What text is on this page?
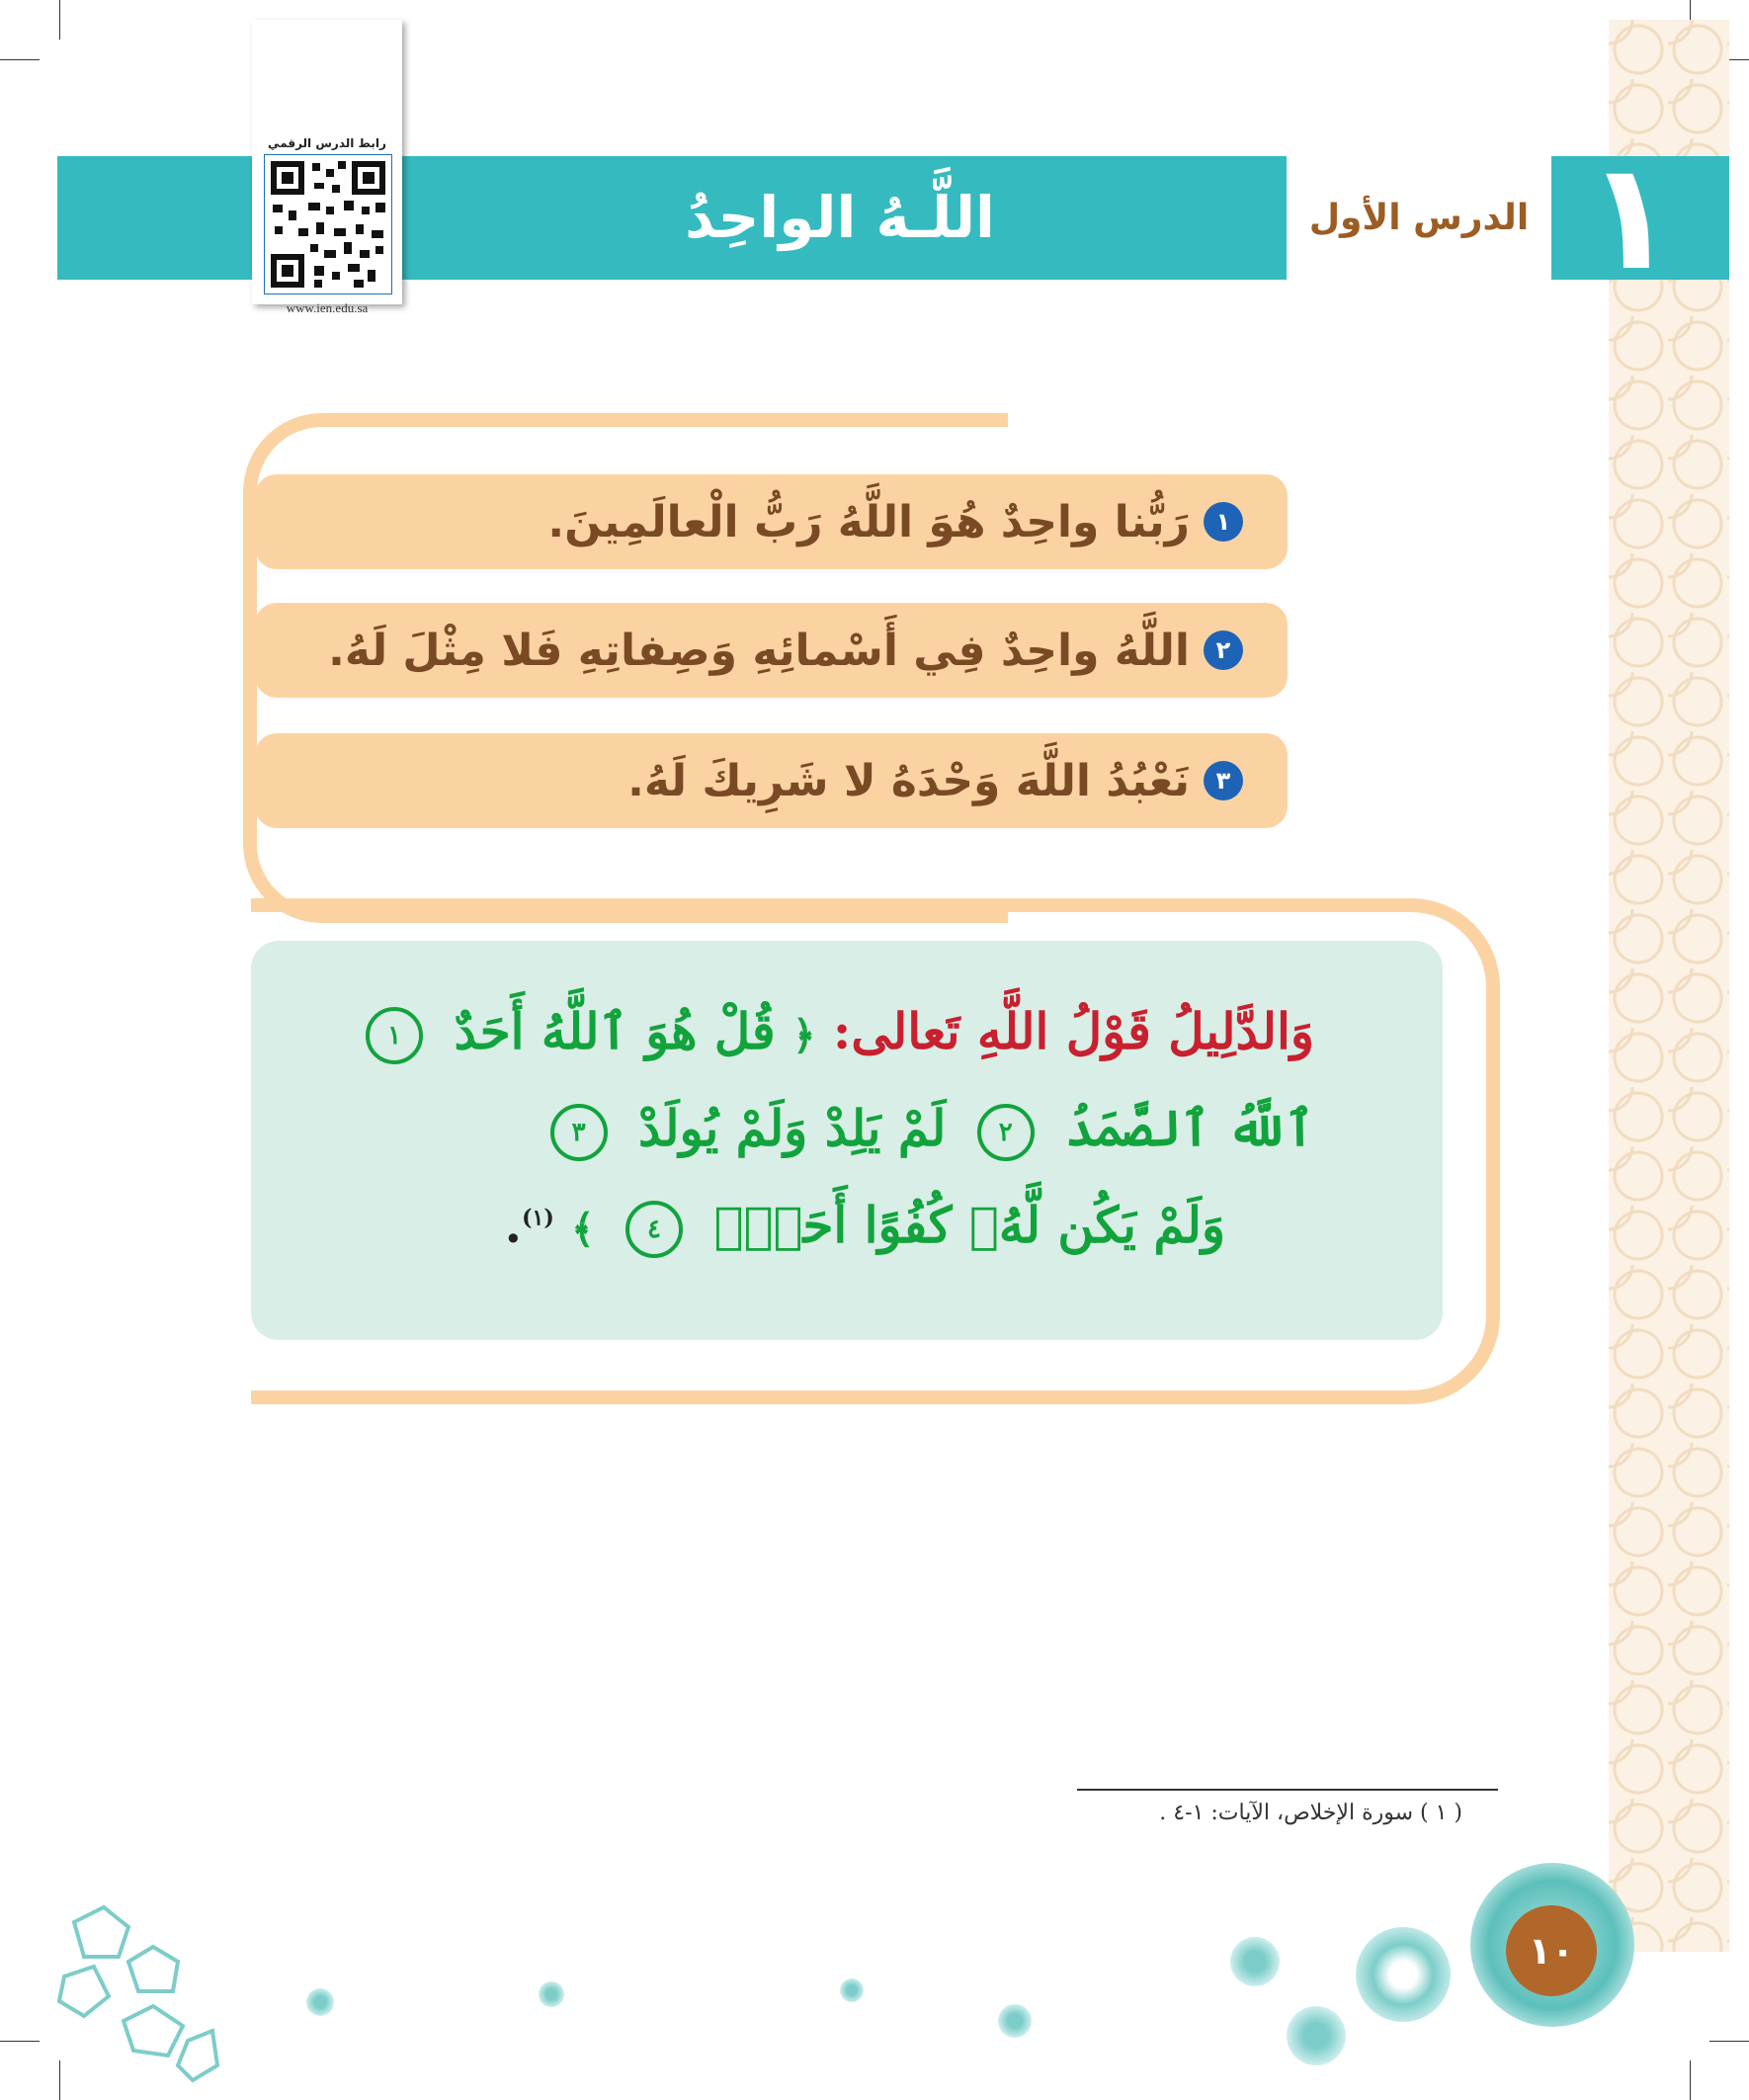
١
الدرس الأول
اللَّـهُ الواحِدُ
رابط الدرس الرقمي
www.ien.edu.sa
١
رَبُّنا واحِدٌ هُوَ اللَّهُ رَبُّ الْعالَمِينَ.
٢
اللَّهُ واحِدٌ فِي أَسْمائِهِ وَصِفاتِهِ فَلا مِثْلَ لَهُ.
٣
نَعْبُدُ اللَّهَ وَحْدَهُ لا شَرِيكَ لَهُ.
وَالدَّلِيلُ قَوْلُ اللَّهِ تَعالى: ﴿ قُلْ هُوَ ٱللَّهُ أَحَدٌ ١
ٱللَّهُ ٱلصَّمَدُ ٢ لَمْ يَلِدْ وَلَمْ يُولَدْ ٣
وَلَمْ يَكُن لَّهُۥ كُفُوًا أَحَدٌۢ ٤ ﴾ $^{(١)}$.
( ١ ) سورة الإخلاص، الآيات: ١-٤ .
١٠
